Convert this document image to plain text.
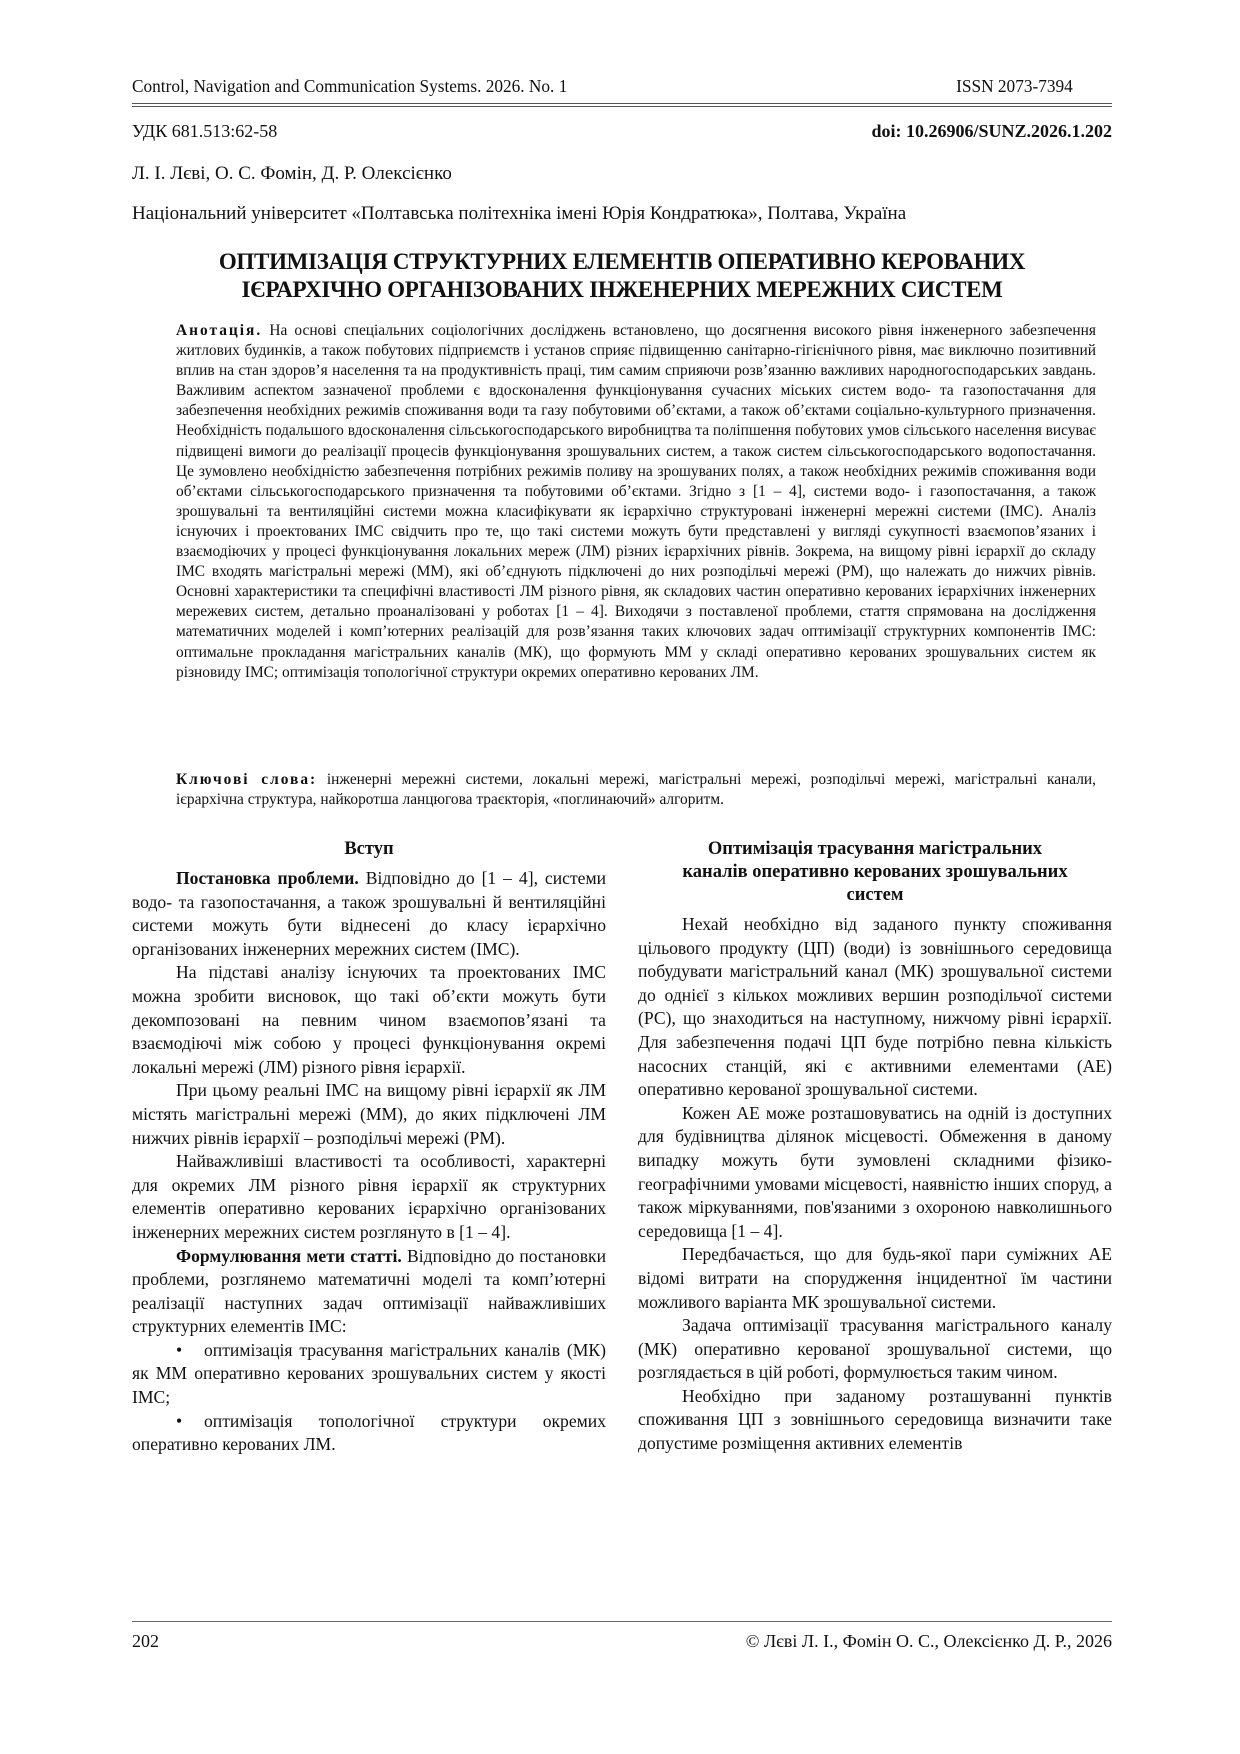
Control, Navigation and Communication Systems. 2026. No. 1	ISSN 2073-7394
УДК 681.513:62-58	doi: 10.26906/SUNZ.2026.1.202
Л. І. Лєві, О. С. Фомін, Д. Р. Олексієнко
Національний університет «Полтавська політехніка імені Юрія Кондратюка», Полтава, Україна
ОПТИМІЗАЦІЯ СТРУКТУРНИХ ЕЛЕМЕНТІВ ОПЕРАТИВНО КЕРОВАНИХ
ІЄРАРХІЧНО ОРГАНІЗОВАНИХ ІНЖЕНЕРНИХ МЕРЕЖНИХ СИСТЕМ
Анотація. На основі спеціальних соціологічних досліджень встановлено, що досягнення високого рівня інженерного забезпечення житлових будинків, а також побутових підприємств і установ сприяє підвищенню санітарно-гігієнічного рівня, має виключно позитивний вплив на стан здоров’я населення та на продуктивність праці, тим самим сприяючи розв’язанню важливих народногосподарських завдань. Важливим аспектом зазначеної проблеми є вдосконалення функціонування сучасних міських систем водо- та газопостачання для забезпечення необхідних режимів споживання води та газу побутовими об’єктами, а також об’єктами соціально-культурного призначення. Необхідність подальшого вдосконалення сільськогосподарського виробництва та поліпшення побутових умов сільського населення висуває підвищені вимоги до реалізації процесів функціонування зрошувальних систем, а також систем сільськогосподарського водопостачання. Це зумовлено необхідністю забезпечення потрібних режимів поливу на зрошуваних полях, а також необхідних режимів споживання води об’єктами сільськогосподарського призначення та побутовими об’єктами. Згідно з [1 – 4], системи водо- і газопостачання, а також зрошувальні та вентиляційні системи можна класифікувати як ієрархічно структуровані інженерні мережні системи (ІМС). Аналіз існуючих і проектованих ІМС свідчить про те, що такі системи можуть бути представлені у вигляді сукупності взаємопов’язаних і взаємодіючих у процесі функціонування локальних мереж (ЛМ) різних ієрархічних рівнів. Зокрема, на вищому рівні ієрархії до складу ІМС входять магістральні мережі (ММ), які об’єднують підключені до них розподільчі мережі (РМ), що належать до нижчих рівнів. Основні характеристики та специфічні властивості ЛМ різного рівня, як складових частин оперативно керованих ієрархічних інженерних мережевих систем, детально проаналізовані у роботах [1 – 4]. Виходячи з поставленої проблеми, стаття спрямована на дослідження математичних моделей і комп’ютерних реалізацій для розв’язання таких ключових задач оптимізації структурних компонентів ІМС: оптимальне прокладання магістральних каналів (МК), що формують ММ у складі оперативно керованих зрошувальних систем як різновиду ІМС; оптимізація топологічної структури окремих оперативно керованих ЛМ.
Ключові слова: інженерні мережні системи, локальні мережі, магістральні мережі, розподільчі мережі, магістральні канали, ієрархічна структура, найкоротша ланцюгова траєкторія, «поглинаючий» алгоритм.
Вступ

Постановка проблеми. Відповідно до [1 – 4], системи водо- та газопостачання, а також зрошувальні й вентиляційні системи можуть бути віднесені до класу ієрархічно організованих інженерних мережних систем (ІМС).

На підставі аналізу існуючих та проектованих ІМС можна зробити висновок, що такі об’єкти можуть бути декомпозовані на певним чином взаємопов’язані та взаємодіючі між собою у процесі функціонування окремі локальні мережі (ЛМ) різного рівня ієрархії.

При цьому реальні ІМС на вищому рівні ієрархії як ЛМ містять магістральні мережі (ММ), до яких підключені ЛМ нижчих рівнів ієрархії – розподільчі мережі (РМ).

Найважливіші властивості та особливості, характерні для окремих ЛМ різного рівня ієрархії як структурних елементів оперативно керованих ієрархічно організованих інженерних мережних систем розглянуто в [1 – 4].

Формулювання мети статті. Відповідно до постановки проблеми, розглянемо математичні моделі та комп’ютерні реалізації наступних задач оптимізації найважливіших структурних елементів ІМС:

• оптимізація трасування магістральних каналів (МК) як ММ оперативно керованих зрошувальних систем у якості ІМС;

• оптимізація топологічної структури окремих оперативно керованих ЛМ.

Оптимізація трасування магістральних каналів оперативно керованих зрошувальних систем

Нехай необхідно від заданого пункту споживання цільового продукту (ЦП) (води) із зовнішнього середовища побудувати магістральний канал (МК) зрошувальної системи до однієї з кількох можливих вершин розподільчої системи (РС), що знаходиться на наступному, нижчому рівні ієрархії. Для забезпечення подачі ЦП буде потрібно певна кількість насосних станцій, які є активними елементами (АЕ) оперативно керованої зрошувальної системи.

Кожен АЕ може розташовуватись на одній із доступних для будівництва ділянок місцевості. Обмеження в даному випадку можуть бути зумовлені складними фізико-географічними умовами місцевості, наявністю інших споруд, а також міркуваннями, пов'язаними з охороною навколишнього середовища [1 – 4].

Передбачається, що для будь-якої пари суміжних АЕ відомі витрати на спорудження інцидентної їм частини можливого варіанта МК зрошувальної системи.

Задача оптимізації трасування магістрального каналу (МК) оперативно керованої зрошувальної системи, що розглядається в цій роботі, формулюється таким чином.

Необхідно при заданому розташуванні пунктів споживання ЦП з зовнішнього середовища визначити таке допустиме розміщення активних елементів

202	© Лєві Л. І., Фомін О. С., Олексієнко Д. Р., 2026
